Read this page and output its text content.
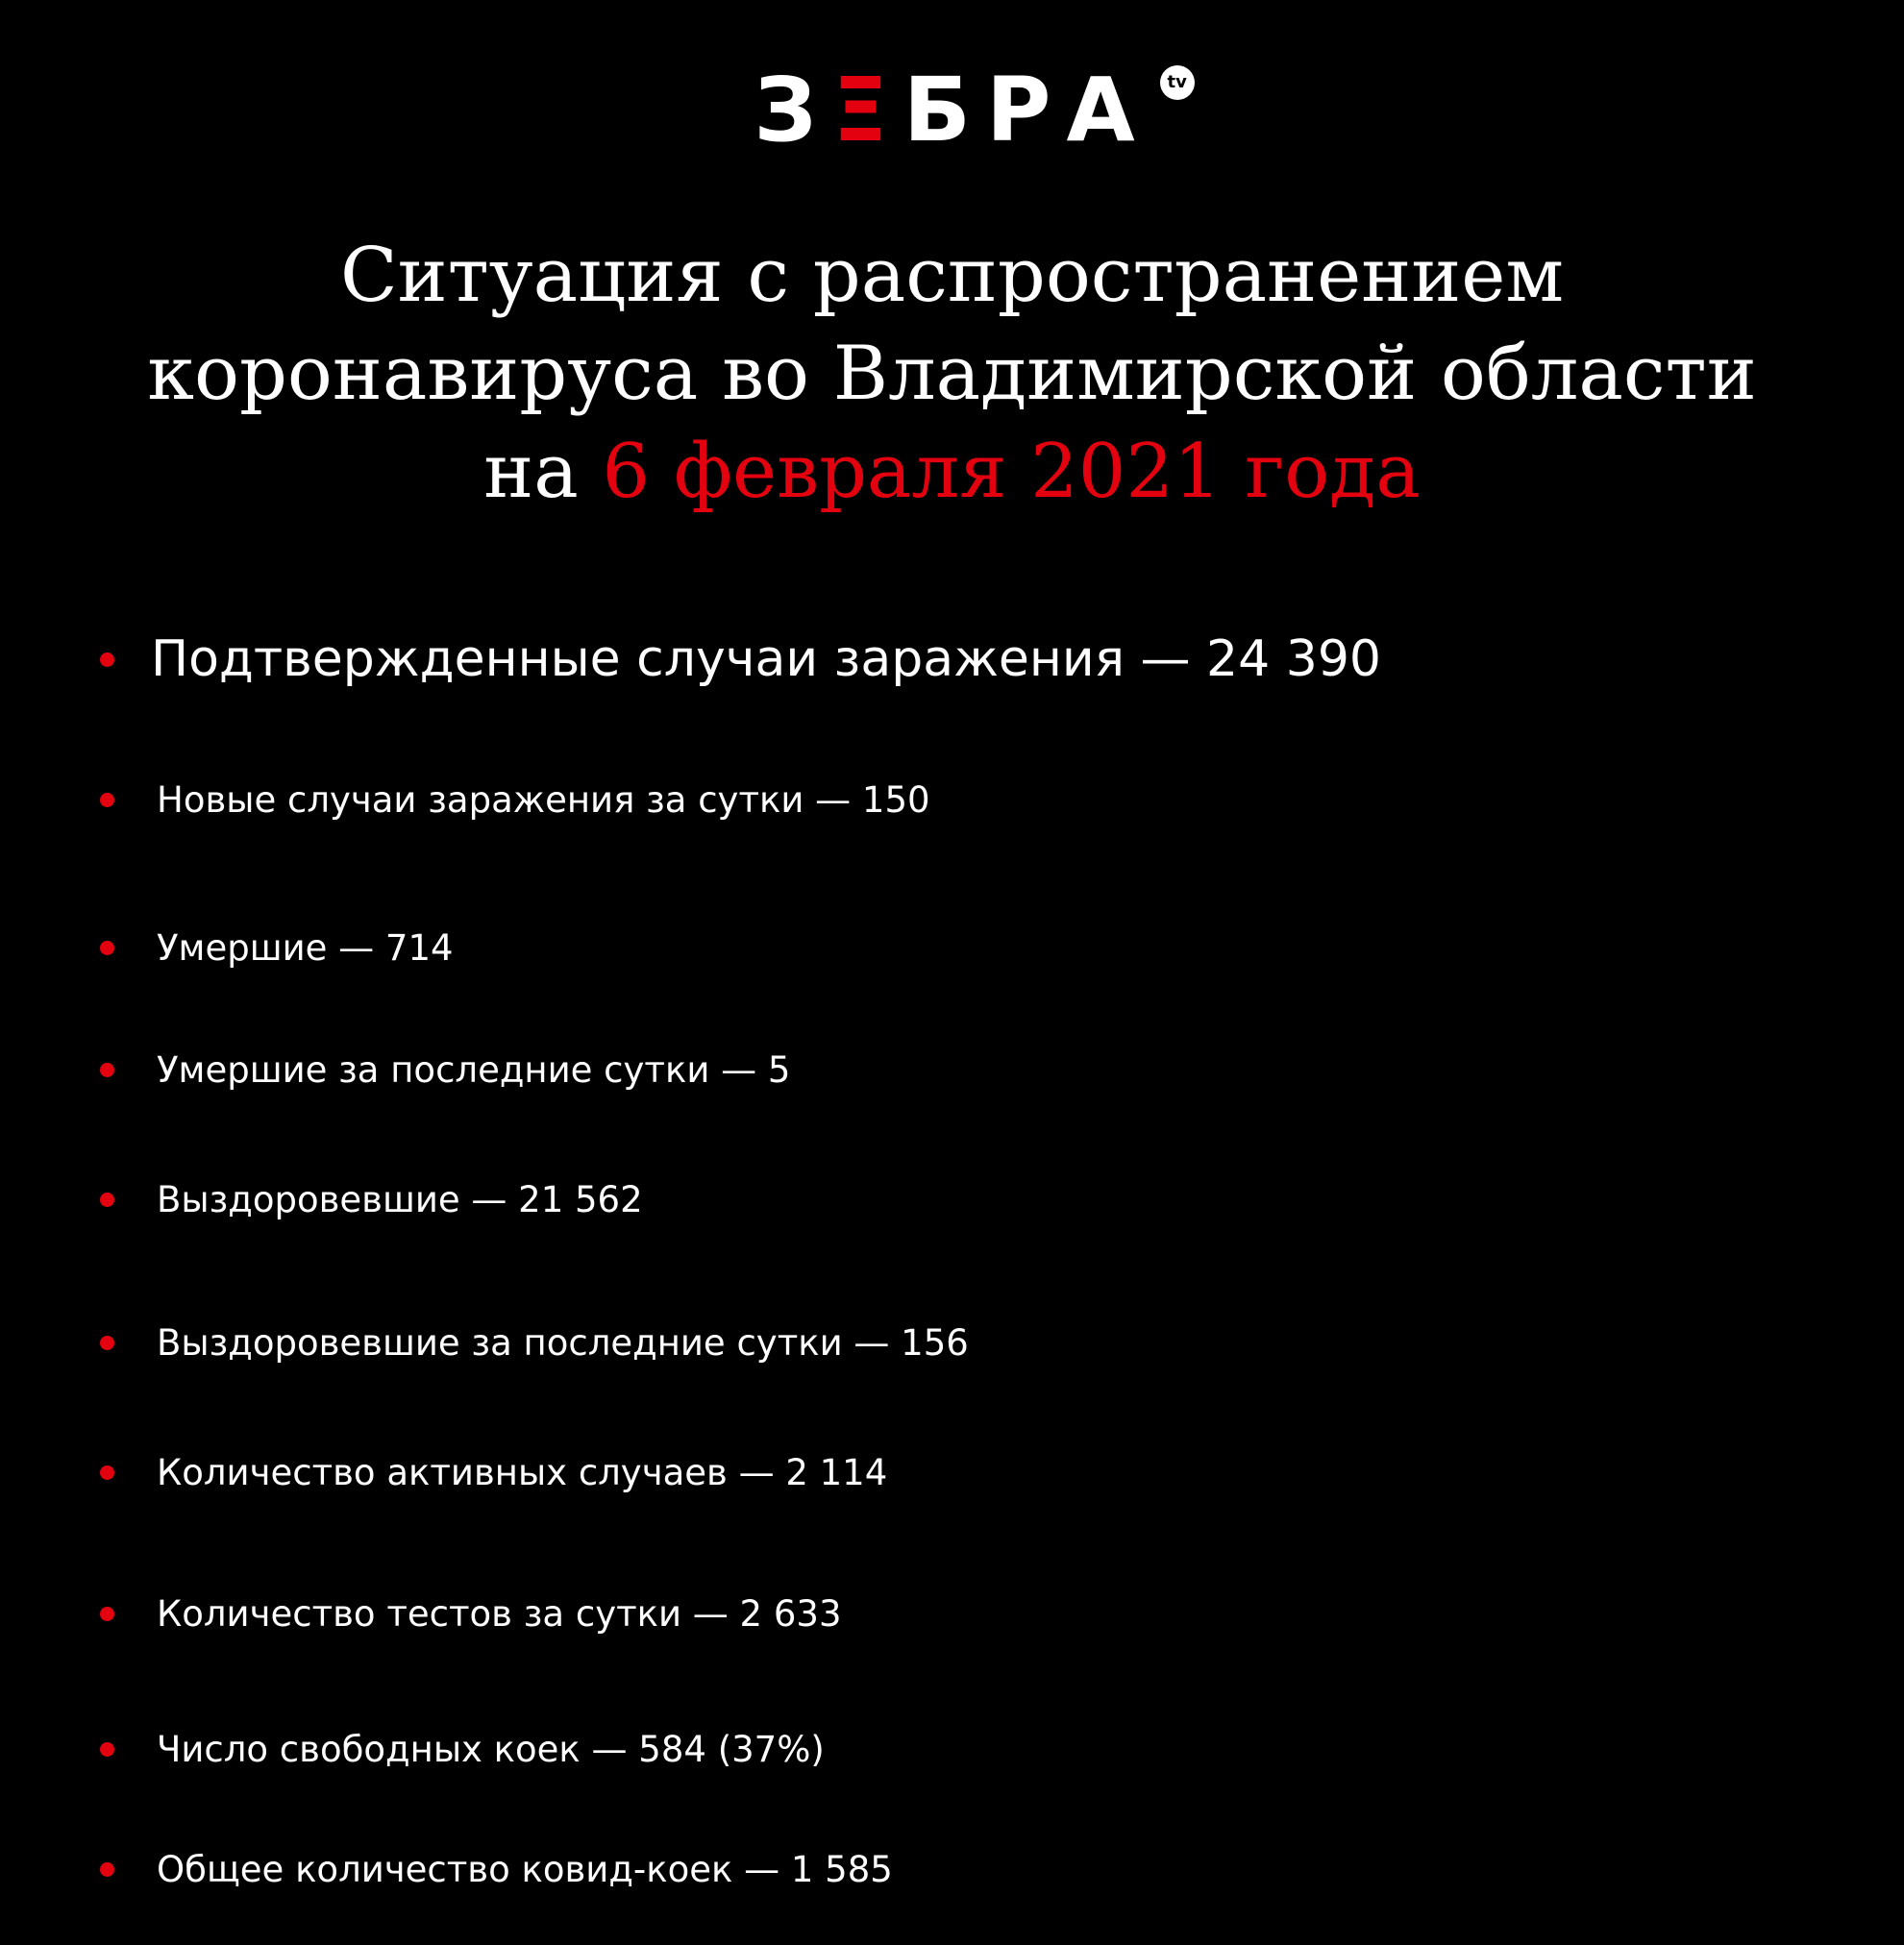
ЗΞБРА tv
Ситуация с распространением
коронавируса во Владимирской области
на 6 февраля 2021 года
Подтвержденные случаи заражения — 24 390
Новые случаи заражения за сутки — 150
Умершие — 714
Умершие за последние сутки — 5
Выздоровевшие — 21 562
Выздоровевшие за последние сутки — 156
Количество активных случаев — 2 114
Количество тестов за сутки — 2 633
Число свободных коек — 584 (37%)
Общее количество ковид-коек — 1 585
